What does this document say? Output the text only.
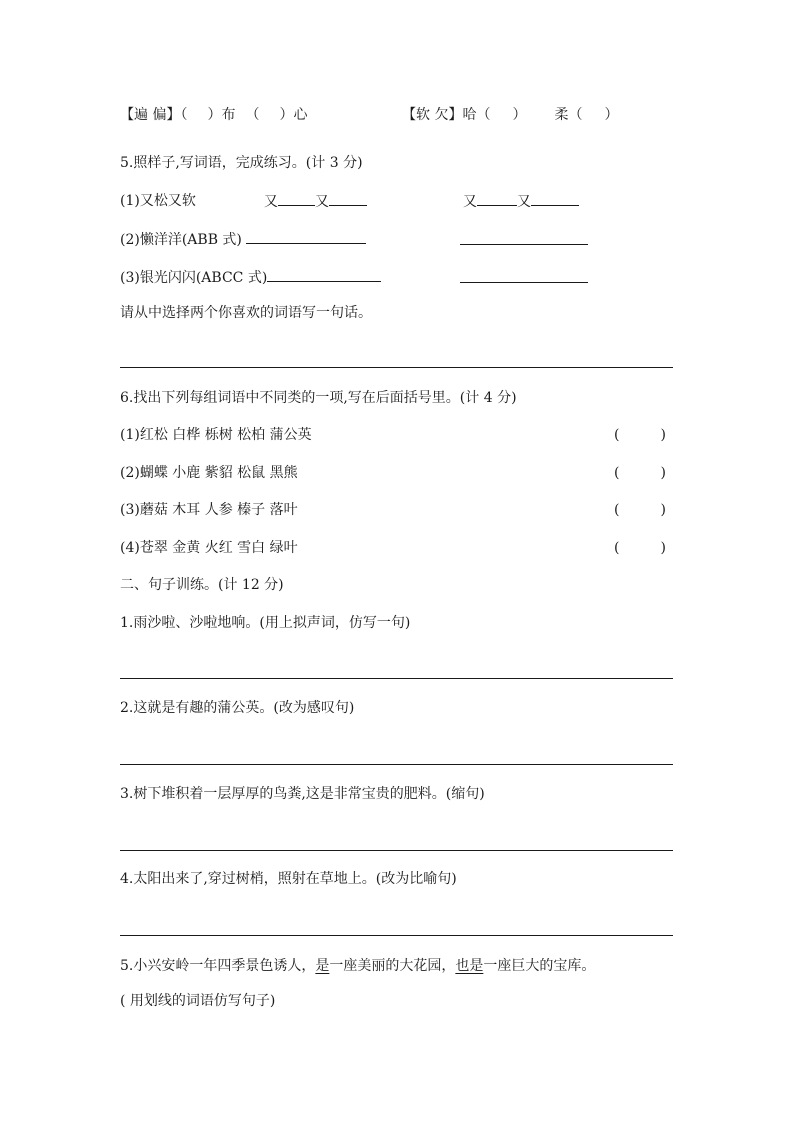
【遍 偏】（ ）布 （ ）心	【软 欠】哈（ ） 柔（ ）
5.照样子,写词语，完成练习。(计 3 分)
(1)又松又软	又	又	又	又
(2)懒洋洋(ABB 式)
(3)银光闪闪(ABCC 式)
请从中选择两个你喜欢的词语写一句话。
6.找出下列每组词语中不同类的一项,写在后面括号里。(计 4 分)
(1)红松 白桦 栎树 松柏 蒲公英	(	)
(2)蝴蝶 小鹿 紫貂 松鼠 黑熊	(	)
(3)蘑菇 木耳 人参 榛子 落叶	(	)
(4)苍翠 金黄 火红 雪白 绿叶	(	)
二、句子训练。(计 12 分)
1.雨沙啦、沙啦地响。(用上拟声词，仿写一句)
2.这就是有趣的蒲公英。(改为感叹句)
3.树下堆积着一层厚厚的鸟粪,这是非常宝贵的肥料。(缩句)
4.太阳出来了,穿过树梢，照射在草地上。(改为比喻句)
5.小兴安岭一年四季景色诱人，是一座美丽的大花园，也是一座巨大的宝库。
( 用划线的词语仿写句子)
